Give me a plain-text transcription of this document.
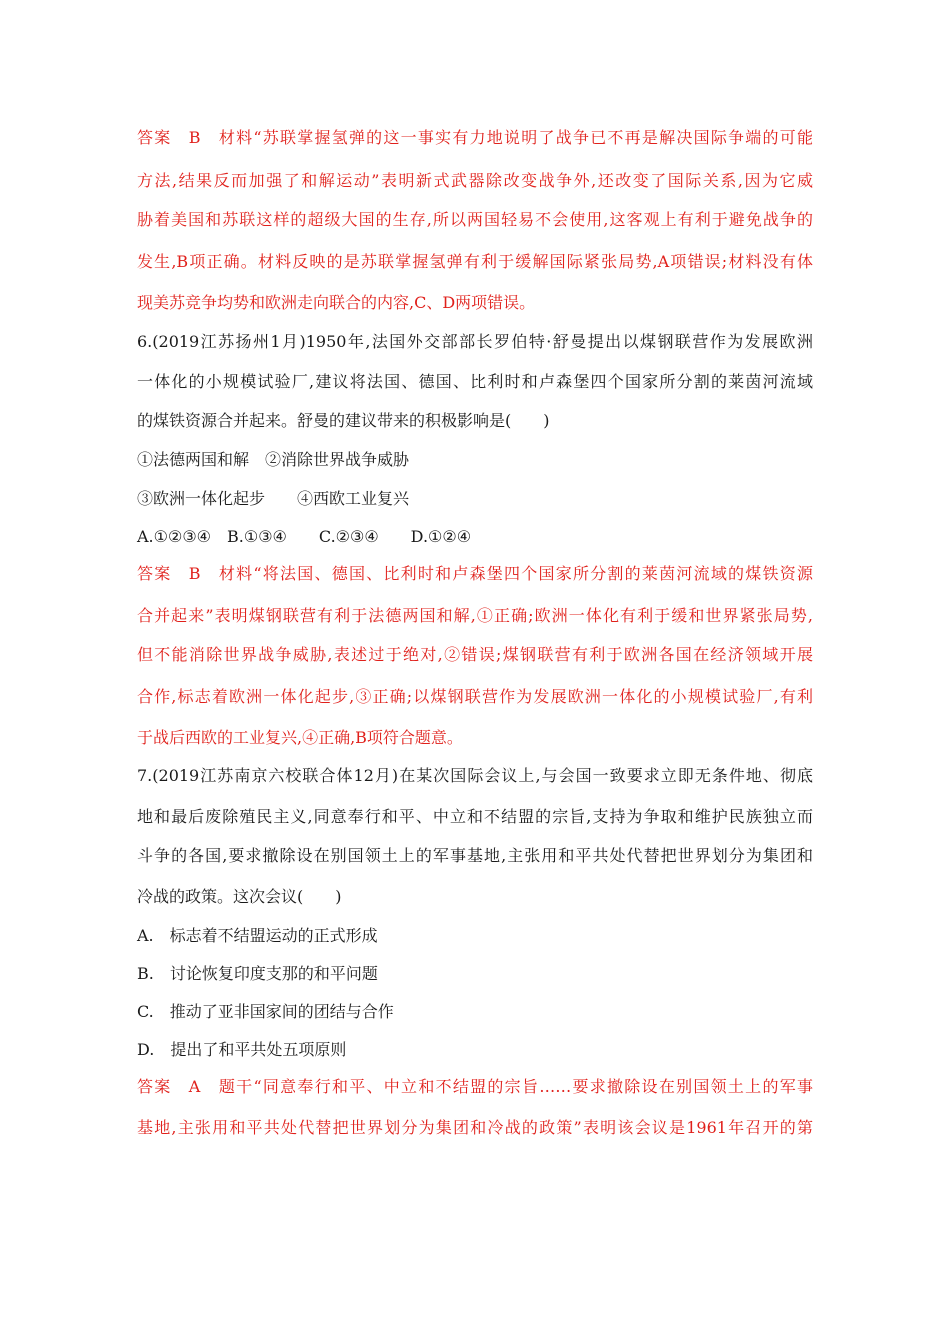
答案　B　材料“苏联掌握氢弹的这一事实有力地说明了战争已不再是解决国际争端的可能
方法,结果反而加强了和解运动”表明新式武器除改变战争外,还改变了国际关系,因为它威
胁着美国和苏联这样的超级大国的生存,所以两国轻易不会使用,这客观上有利于避免战争的
发生,B项正确。材料反映的是苏联掌握氢弹有利于缓解国际紧张局势,A项错误;材料没有体
现美苏竞争均势和欧洲走向联合的内容,C、D两项错误。
6.(2019江苏扬州1月)1950年,法国外交部部长罗伯特·舒曼提出以煤钢联营作为发展欧洲
一体化的小规模试验厂,建议将法国、德国、比利时和卢森堡四个国家所分割的莱茵河流域
的煤铁资源合并起来。舒曼的建议带来的积极影响是(　　)
①法德两国和解　②消除世界战争威胁
③欧洲一体化起步　　④西欧工业复兴
A.①②③④　B.①③④　　C.②③④　　D.①②④
答案　B　材料“将法国、德国、比利时和卢森堡四个国家所分割的莱茵河流域的煤铁资源
合并起来”表明煤钢联营有利于法德两国和解,①正确;欧洲一体化有利于缓和世界紧张局势,
但不能消除世界战争威胁,表述过于绝对,②错误;煤钢联营有利于欧洲各国在经济领域开展
合作,标志着欧洲一体化起步,③正确;以煤钢联营作为发展欧洲一体化的小规模试验厂,有利
于战后西欧的工业复兴,④正确,B项符合题意。
7.(2019江苏南京六校联合体12月)在某次国际会议上,与会国一致要求立即无条件地、彻底
地和最后废除殖民主义,同意奉行和平、中立和不结盟的宗旨,支持为争取和维护民族独立而
斗争的各国,要求撤除设在别国领土上的军事基地,主张用和平共处代替把世界划分为集团和
冷战的政策。这次会议(　　)
A.　标志着不结盟运动的正式形成
B.　讨论恢复印度支那的和平问题
C.　推动了亚非国家间的团结与合作
D.　提出了和平共处五项原则
答案　A　题干“同意奉行和平、中立和不结盟的宗旨……要求撤除设在别国领土上的军事
基地,主张用和平共处代替把世界划分为集团和冷战的政策”表明该会议是1961年召开的第
